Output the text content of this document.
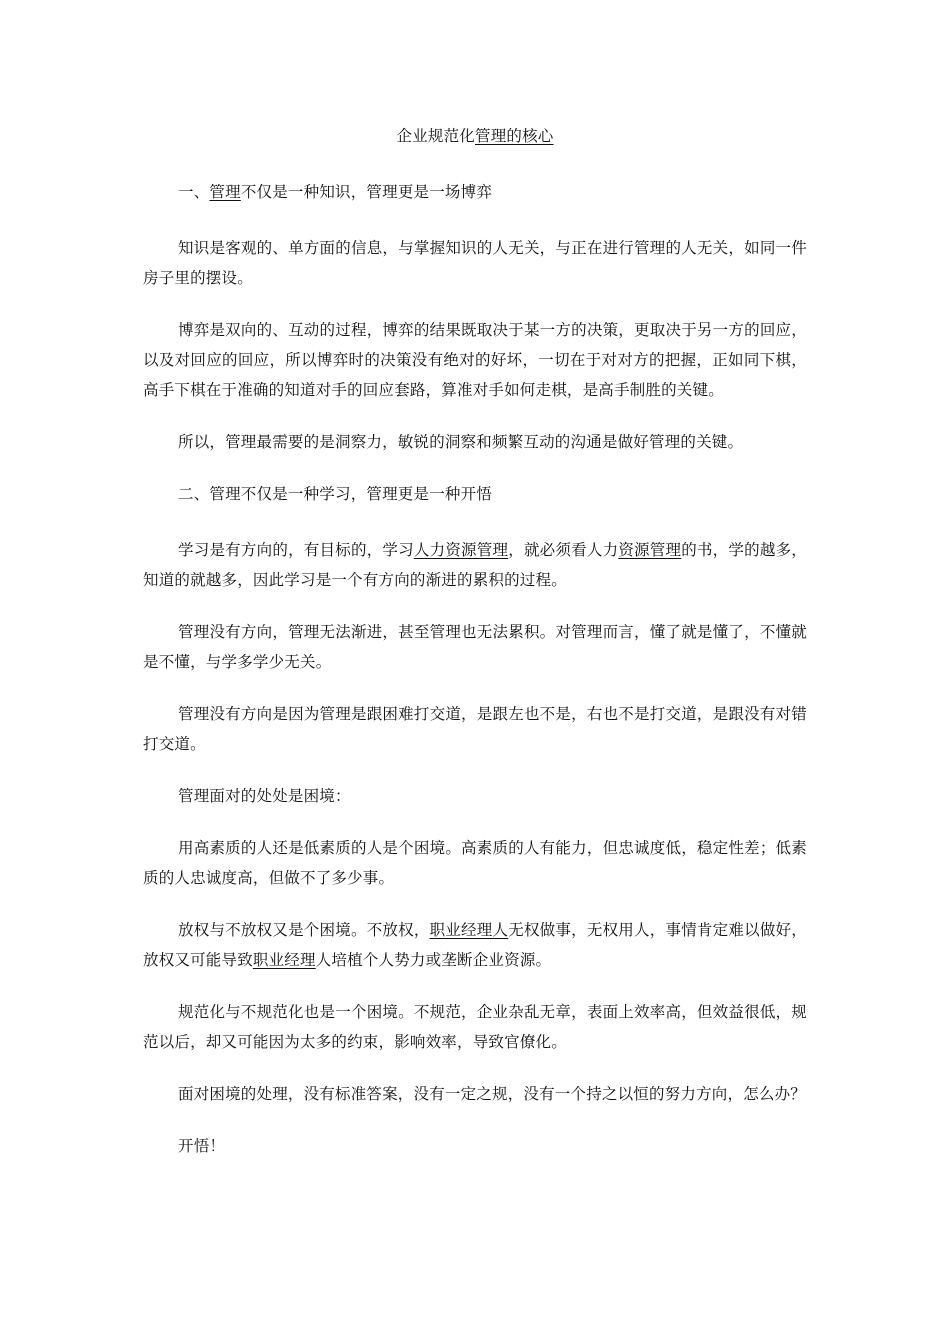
企业规范化管理的核心

一、管理不仅是一种知识，管理更是一场博弈

知识是客观的、单方面的信息，与掌握知识的人无关，与正在进行管理的人无关，如同一件房子里的摆设。

博弈是双向的、互动的过程，博弈的结果既取决于某一方的决策，更取决于另一方的回应，以及对回应的回应，所以博弈时的决策没有绝对的好坏，一切在于对对方的把握，正如同下棋，高手下棋在于准确的知道对手的回应套路，算准对手如何走棋，是高手制胜的关键。

所以，管理最需要的是洞察力，敏锐的洞察和频繁互动的沟通是做好管理的关键。

二、管理不仅是一种学习，管理更是一种开悟

学习是有方向的，有目标的，学习人力资源管理，就必须看人力资源管理的书，学的越多，知道的就越多，因此学习是一个有方向的渐进的累积的过程。

管理没有方向，管理无法渐进，甚至管理也无法累积。对管理而言，懂了就是懂了，不懂就是不懂，与学多学少无关。

管理没有方向是因为管理是跟困难打交道，是跟左也不是，右也不是打交道，是跟没有对错打交道。

管理面对的处处是困境：

用高素质的人还是低素质的人是个困境。高素质的人有能力，但忠诚度低，稳定性差；低素质的人忠诚度高，但做不了多少事。

放权与不放权又是个困境。不放权，职业经理人无权做事，无权用人，事情肯定难以做好，放权又可能导致职业经理人培植个人势力或垄断企业资源。

规范化与不规范化也是一个困境。不规范，企业杂乱无章，表面上效率高，但效益很低，规范以后，却又可能因为太多的约束，影响效率，导致官僚化。

面对困境的处理，没有标准答案，没有一定之规，没有一个持之以恒的努力方向，怎么办？

开悟！
